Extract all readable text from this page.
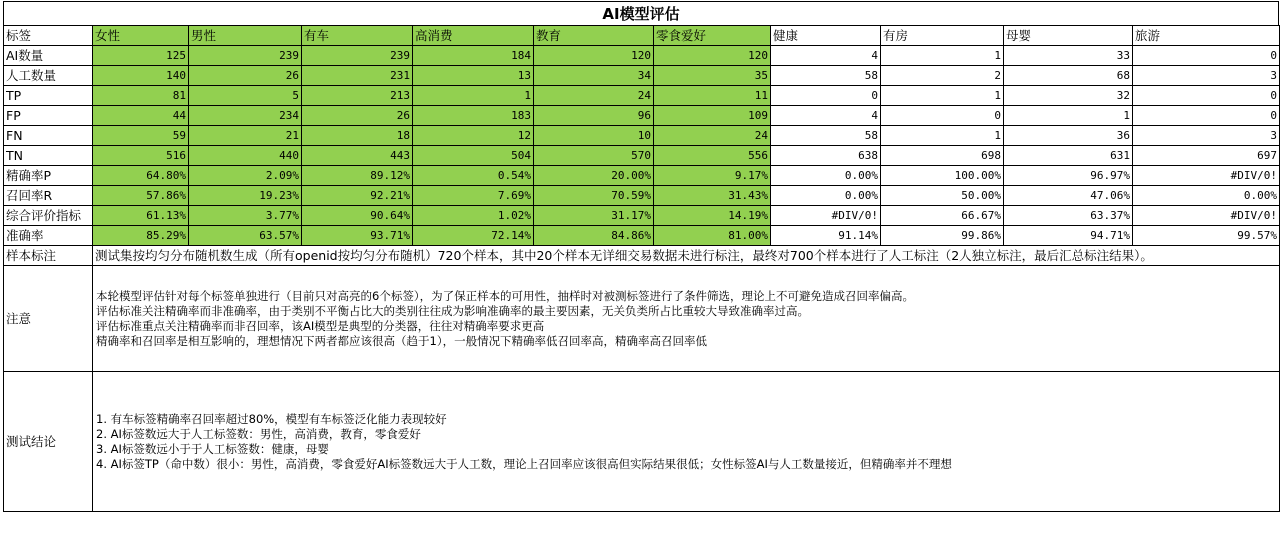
AI模型评估
标签	女性	男性	有车	高消费	教育	零食爱好	健康	有房	母婴	旅游
AI数量	125	239	239	184	120	120	4	1	33	0
人工数量	140	26	231	13	34	35	58	2	68	3
TP	81	5	213	1	24	11	0	1	32	0
FP	44	234	26	183	96	109	4	0	1	0
FN	59	21	18	12	10	24	58	1	36	3
TN	516	440	443	504	570	556	638	698	631	697
精确率P	64.80%	2.09%	89.12%	0.54%	20.00%	9.17%	0.00%	100.00%	96.97%	#DIV/0!
召回率R	57.86%	19.23%	92.21%	7.69%	70.59%	31.43%	0.00%	50.00%	47.06%	0.00%
综合评价指标	61.13%	3.77%	90.64%	1.02%	31.17%	14.19%	#DIV/0!	66.67%	63.37%	#DIV/0!
准确率	85.29%	63.57%	93.71%	72.14%	84.86%	81.00%	91.14%	99.86%	94.71%	99.57%
样本标注	测试集按均匀分布随机数生成（所有openid按均匀分布随机）720个样本，其中20个样本无详细交易数据未进行标注，最终对700个样本进行了人工标注（2人独立标注，最后汇总标注结果）。									
注意	本轮模型评估针对每个标签单独进行（目前只对高亮的6个标签），为了保正样本的可用性，抽样时对被测标签进行了条件筛选，理论上不可避免造成召回率偏高。
评估标准关注精确率而非准确率，由于类别不平衡占比大的类别往往成为影响准确率的最主要因素，无关负类所占比重较大导致准确率过高。
评估标准重点关注精确率而非召回率，该AI模型是典型的分类器，往往对精确率要求更高
精确率和召回率是相互影响的，理想情况下两者都应该很高（趋于1），一般情况下精确率低召回率高，精确率高召回率低									

测试结论	1. 有车标签精确率召回率超过80%，模型有车标签泛化能力表现较好
2. AI标签数远大于人工标签数：男性，高消费，教育，零食爱好
3. AI标签数远小于于人工标签数：健康，母婴
4. AI标签TP（命中数）很小：男性，高消费，零食爱好AI标签数远大于人工数，理论上召回率应该很高但实际结果很低；女性标签AI与人工数量接近，但精确率并不理想									
